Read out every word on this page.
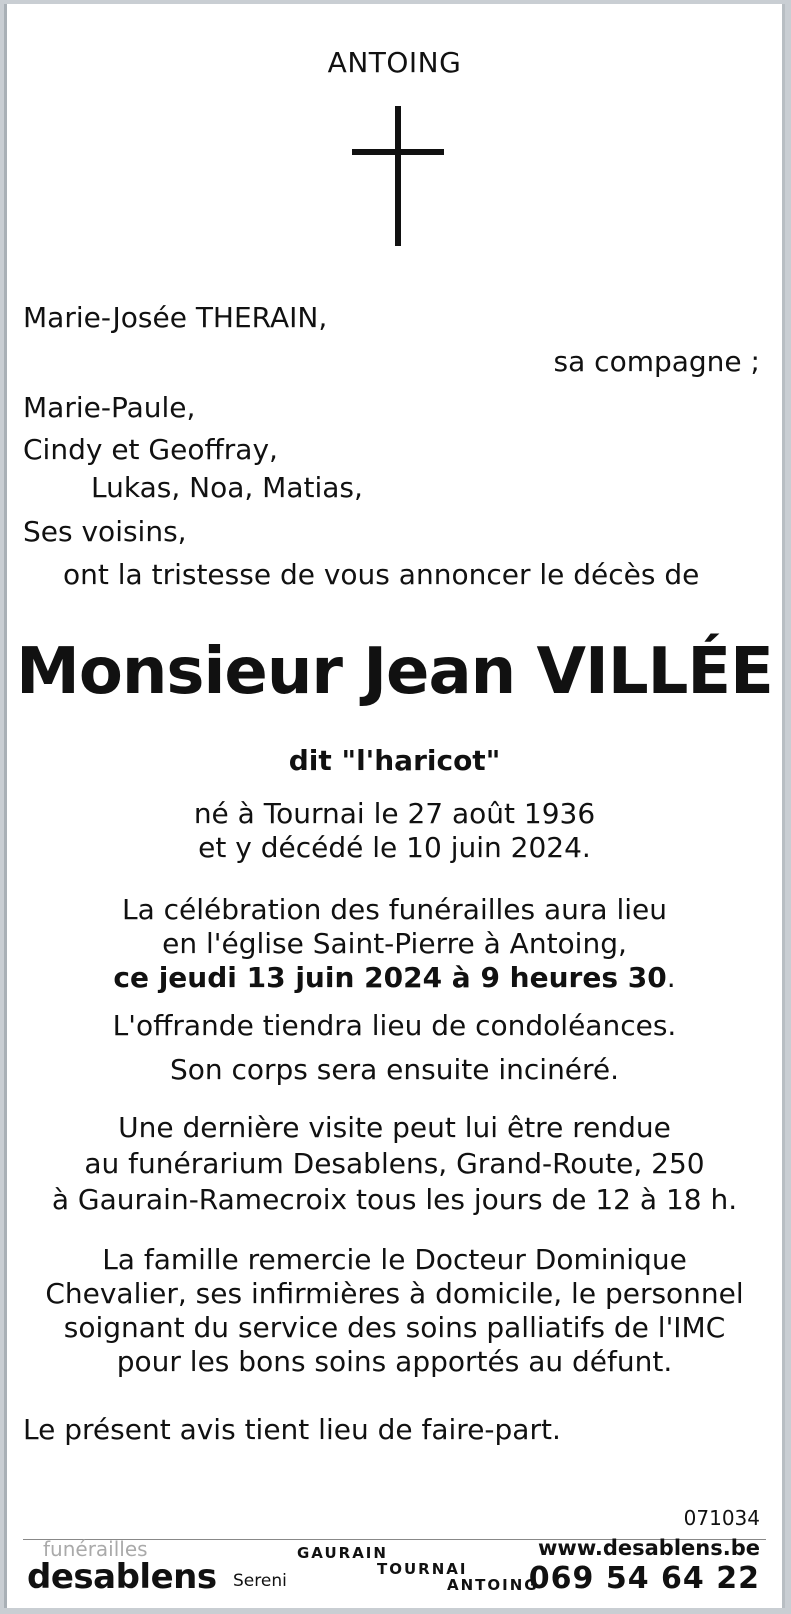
ANTOING
Marie-Josée THERAIN,
sa compagne ;
Marie-Paule,
Cindy et Geoffray,
Lukas, Noa, Matias,
Ses voisins,
ont la tristesse de vous annoncer le décès de
Monsieur Jean VILLÉE
dit "l'haricot"
né à Tournai le 27 août 1936
et y décédé le 10 juin 2024.
La célébration des funérailles aura lieu
en l'église Saint-Pierre à Antoing,
ce jeudi 13 juin 2024 à 9 heures 30.
L'offrande tiendra lieu de condoléances.
Son corps sera ensuite incinéré.
Une dernière visite peut lui être rendue
au funérarium Desablens, Grand-Route, 250
à Gaurain-Ramecroix tous les jours de 12 à 18 h.
La famille remercie le Docteur Dominique
Chevalier, ses infirmières à domicile, le personnel
soignant du service des soins palliatifs de l'IMC
pour les bons soins apportés au défunt.
Le présent avis tient lieu de faire-part.
071034
funérailles
desablens Sereni
GAURAIN
TOURNAI
ANTOING
www.desablens.be
069 54 64 22
